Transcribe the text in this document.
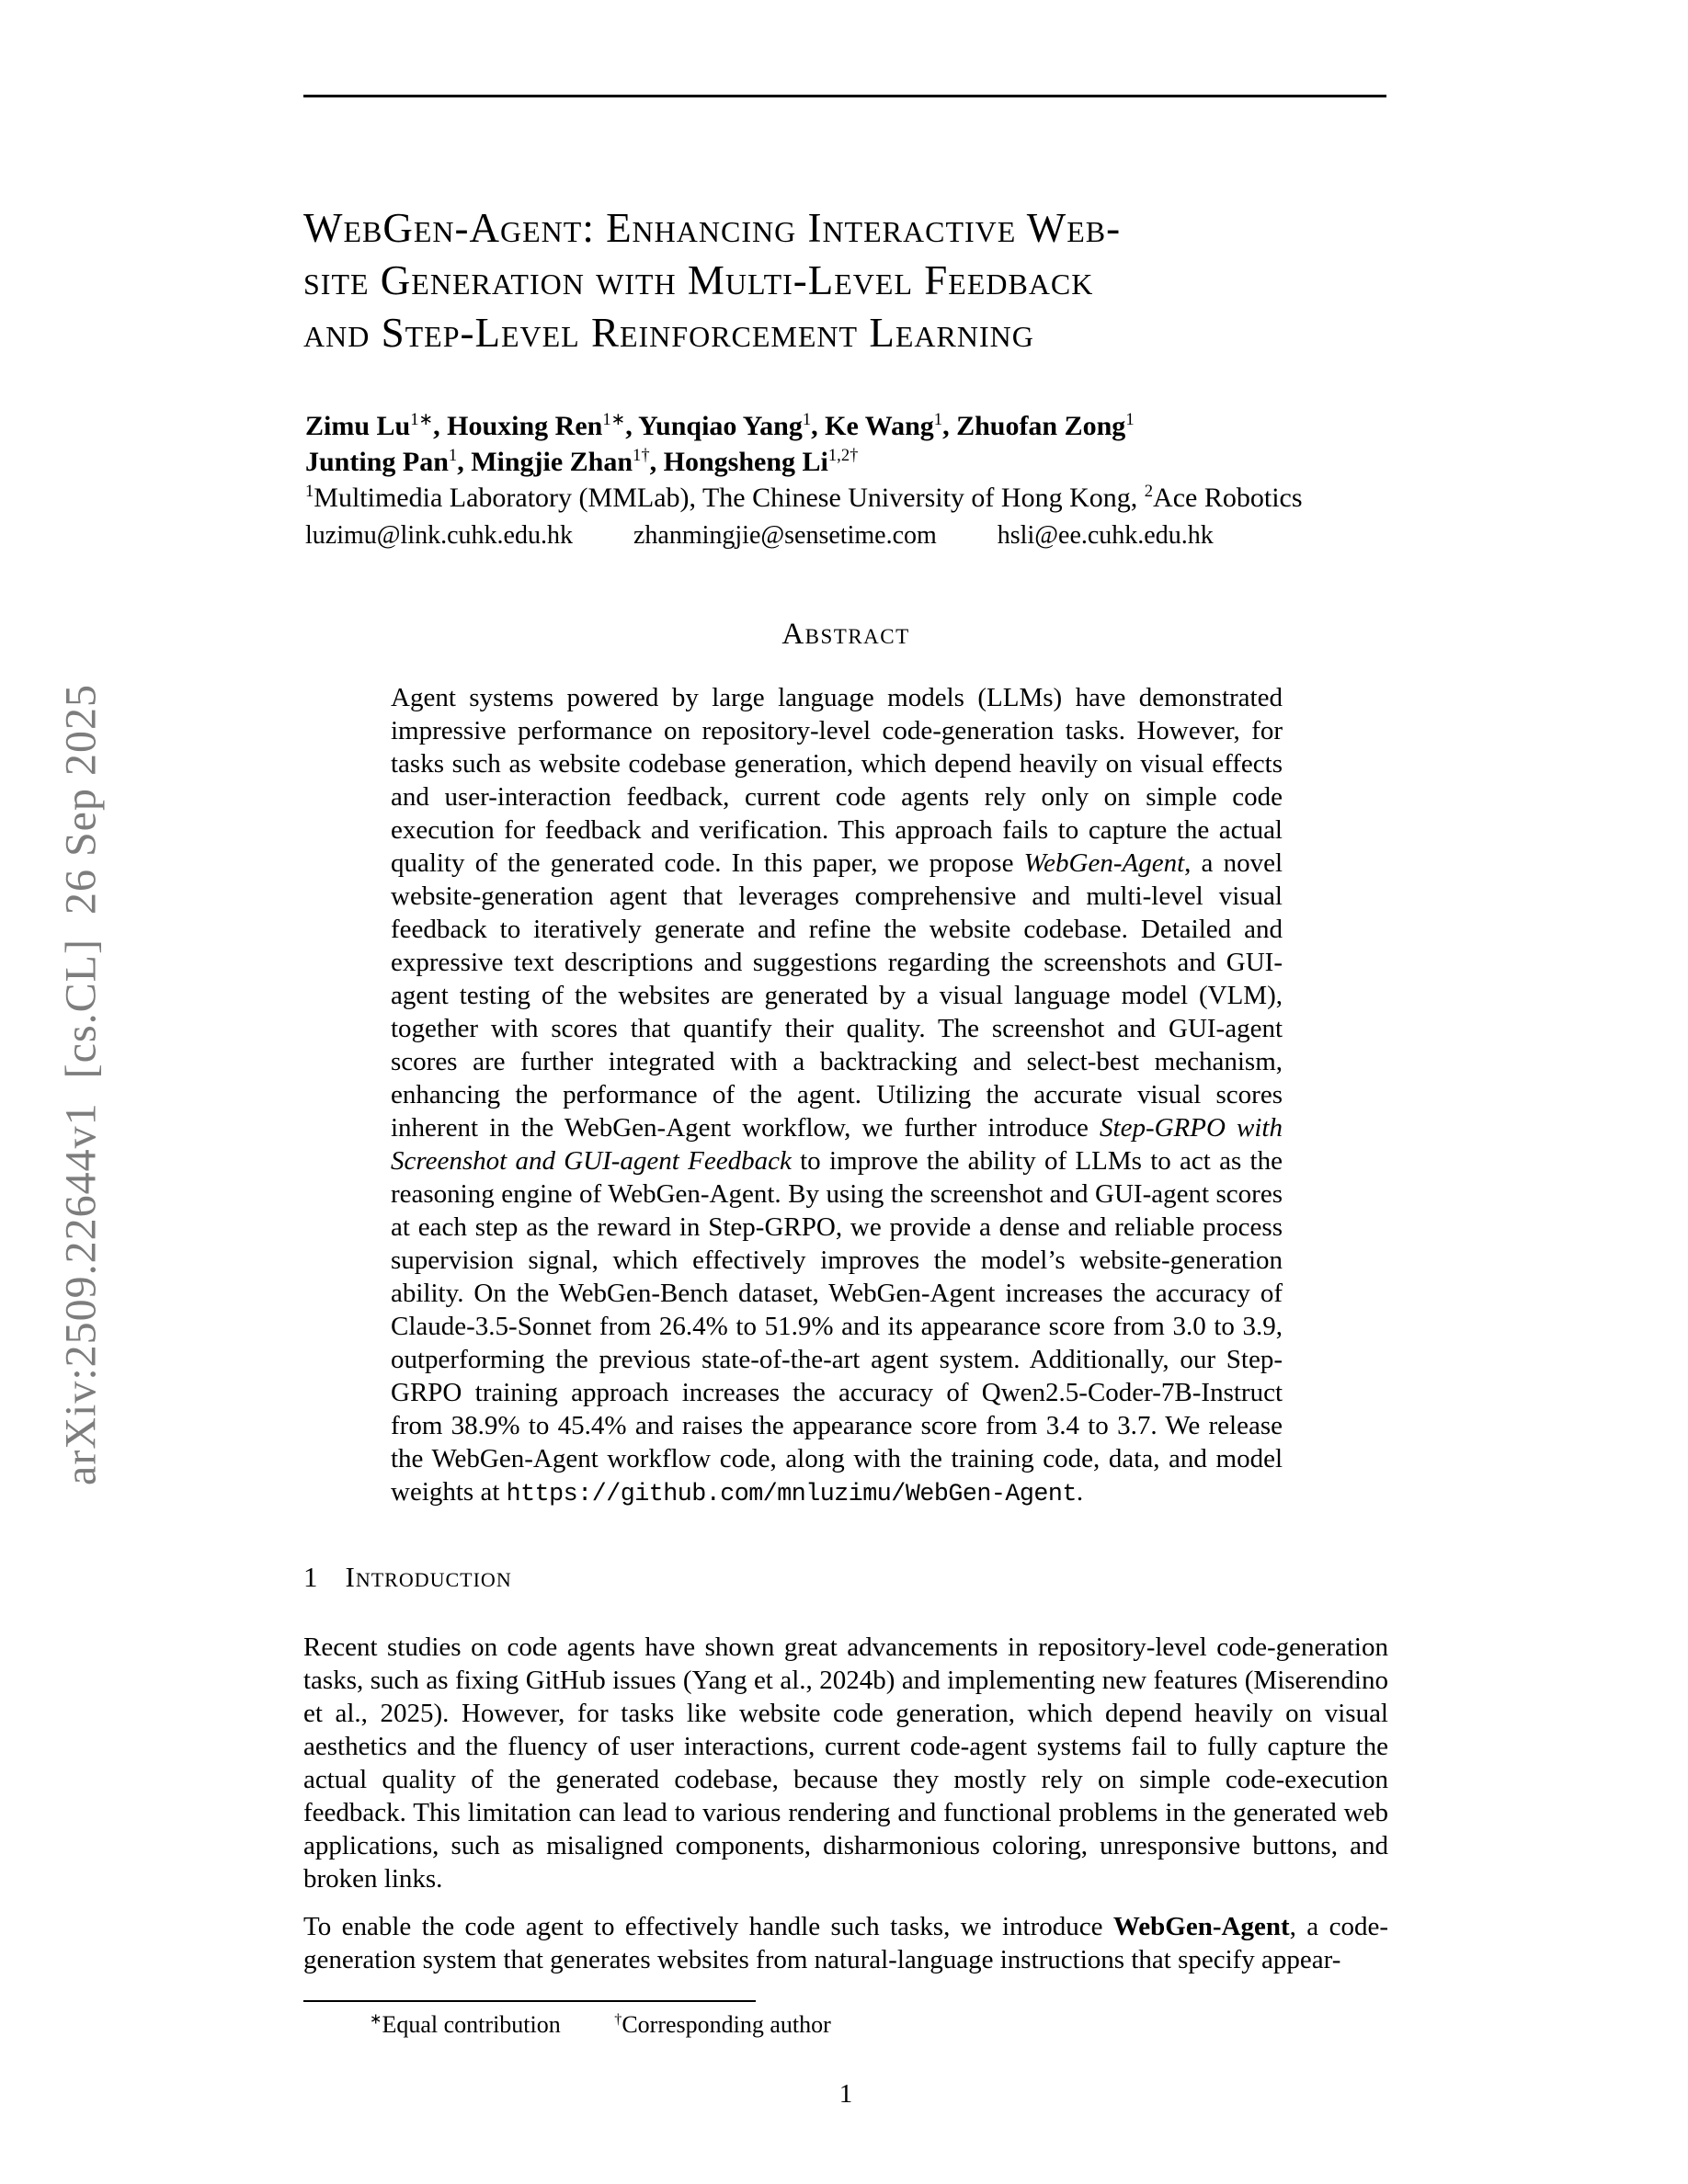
arXiv:2509.22644v1  [cs.CL]  26 Sep 2025
WebGen-Agent: Enhancing Interactive Web-
site Generation with Multi-Level Feedback
and Step-Level Reinforcement Learning
Zimu $Lu^{1∗}$, Houxing Ren$^{1∗}$, Yunqiao Yang$^1$, Ke Wang$^1$, Zhuofan Zong$^1$
Junting Pan$^1$, Mingjie Zhan$^{1\dagger}$, Hongsheng $Li^{1,2\dagger}$
$^1$Multimedia Laboratory (MMLab), The Chinese University of Hong Kong, $^2$Ace Robotics
luzimu@link.cuhk.edu.hk zhanmingjie@sensetime.com hsli@ee.cuhk.edu.hk
Abstract

Agent systems powered by large language models (LLMs) have demonstrated impressive performance on repository-level code-generation tasks. However, for tasks such as website codebase generation, which depend heavily on visual effects and user-interaction feedback, current code agents rely only on simple code execution for feedback and verification. This approach fails to capture the actual quality of the generated code. In this paper, we propose WebGen-Agent, a novel website-generation agent that leverages comprehensive and multi-level visual feedback to iteratively generate and refine the website codebase. Detailed and expressive text descriptions and suggestions regarding the screenshots and GUI-agent testing of the websites are generated by a visual language model (VLM), together with scores that quantify their quality. The screenshot and GUI-agent scores are further integrated with a backtracking and select-best mechanism, enhancing the performance of the agent. Utilizing the accurate visual scores inherent in the WebGen-Agent workflow, we further introduce Step-GRPO with Screenshot and GUI-agent Feedback to improve the ability of LLMs to act as the reasoning engine of WebGen-Agent. By using the screenshot and GUI-agent scores at each step as the reward in Step-GRPO, we provide a dense and reliable process supervision signal, which effectively improves the model’s website-generation ability. On the WebGen-Bench dataset, WebGen-Agent increases the accuracy of Claude-3.5-Sonnet from 26.4% to 51.9% and its appearance score from 3.0 to 3.9, outperforming the previous state-of-the-art agent system. Additionally, our Step-GRPO training approach increases the accuracy of Qwen2.5-Coder-7B-Instruct from 38.9% to 45.4% and raises the appearance score from 3.4 to 3.7. We release the WebGen-Agent workflow code, along with the training code, data, and model weights at https://github.com/mnluzimu/WebGen-Agent.

1 Introduction

Recent studies on code agents have shown great advancements in repository-level code-generation tasks, such as fixing GitHub issues (Yang et al., 2024b) and implementing new features (Miserendino et al., 2025). However, for tasks like website code generation, which depend heavily on visual aesthetics and the fluency of user interactions, current code-agent systems fail to fully capture the actual quality of the generated codebase, because they mostly rely on simple code-execution feedback. This limitation can lead to various rendering and functional problems in the generated web applications, such as misaligned components, disharmonious coloring, unresponsive buttons, and broken links.

To enable the code agent to effectively handle such tasks, we introduce WebGen-Agent, a code-generation system that generates websites from natural-language instructions that specify appear-

∗Equal contribution	†Corresponding author
1
